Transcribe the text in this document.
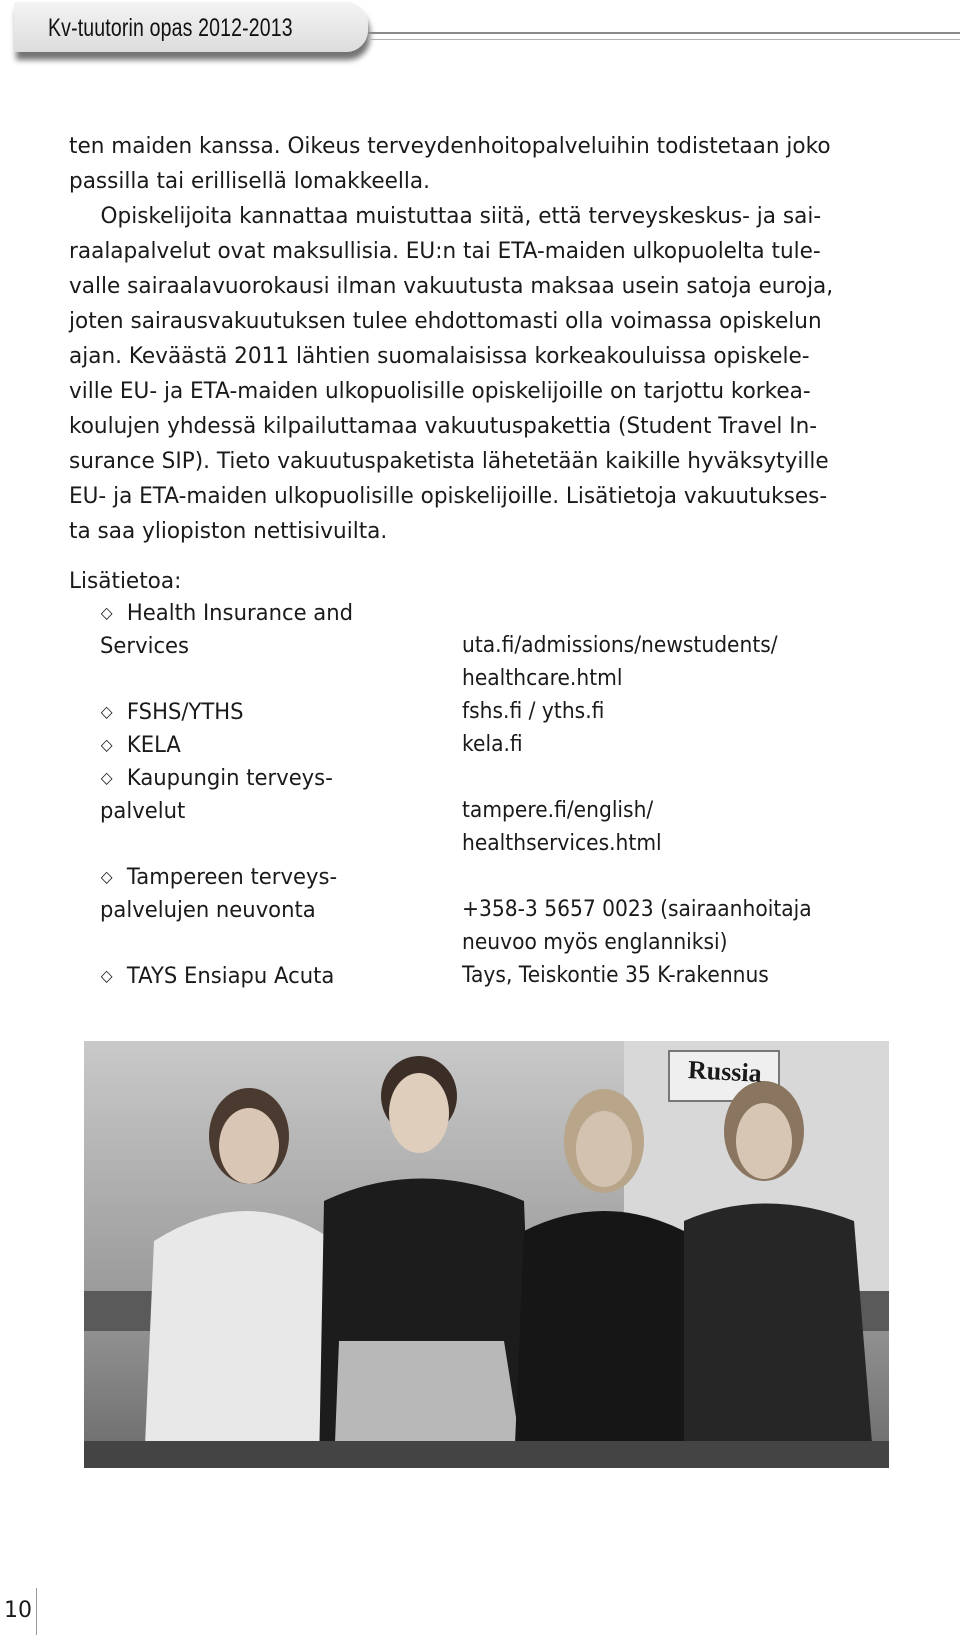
Kv-tuutorin opas 2012-2013

ten maiden kanssa. Oikeus terveydenhoitopalveluihin todistetaan joko
passilla tai erillisellä lomakkeella.

Opiskelijoita kannattaa muistuttaa siitä, että terveyskeskus- ja sai-
raalapalvelut ovat maksullisia. EU:n tai ETA-maiden ulkopuolelta tule-
valle sairaalavuorokausi ilman vakuutusta maksaa usein satoja euroja,
joten sairausvakuutuksen tulee ehdottomasti olla voimassa opiskelun
ajan. Keväästä 2011 lähtien suomalaisissa korkeakouluissa opiskele-
ville EU- ja ETA-maiden ulkopuolisille opiskelijoille on tarjottu korkea-
koulujen yhdessä kilpailuttamaa vakuutuspakettia (Student Travel In-
surance SIP). Tieto vakuutuspaketista lähetetään kaikille hyväksytyille
EU- ja ETA-maiden ulkopuolisille opiskelijoille. Lisätietoja vakuutukses-
ta saa yliopiston nettisivuilta.

Lisätietoa:
◇ Health Insurance and
Services	uta.fi/admissions/newstudents/
healthcare.html
◇ FSHS/YTHS	fshs.fi / yths.fi
◇ KELA	kela.fi
◇ Kaupungin terveys-
palvelut	tampere.fi/english/
healthservices.html
◇ Tampereen terveys-
palvelujen neuvonta	+358-3 5657 0023 (sairaanhoitaja
neuvoo myös englanniksi)
◇ TAYS Ensiapu Acuta	Tays, Teiskontie 35 K-rakennus
Russia
10
